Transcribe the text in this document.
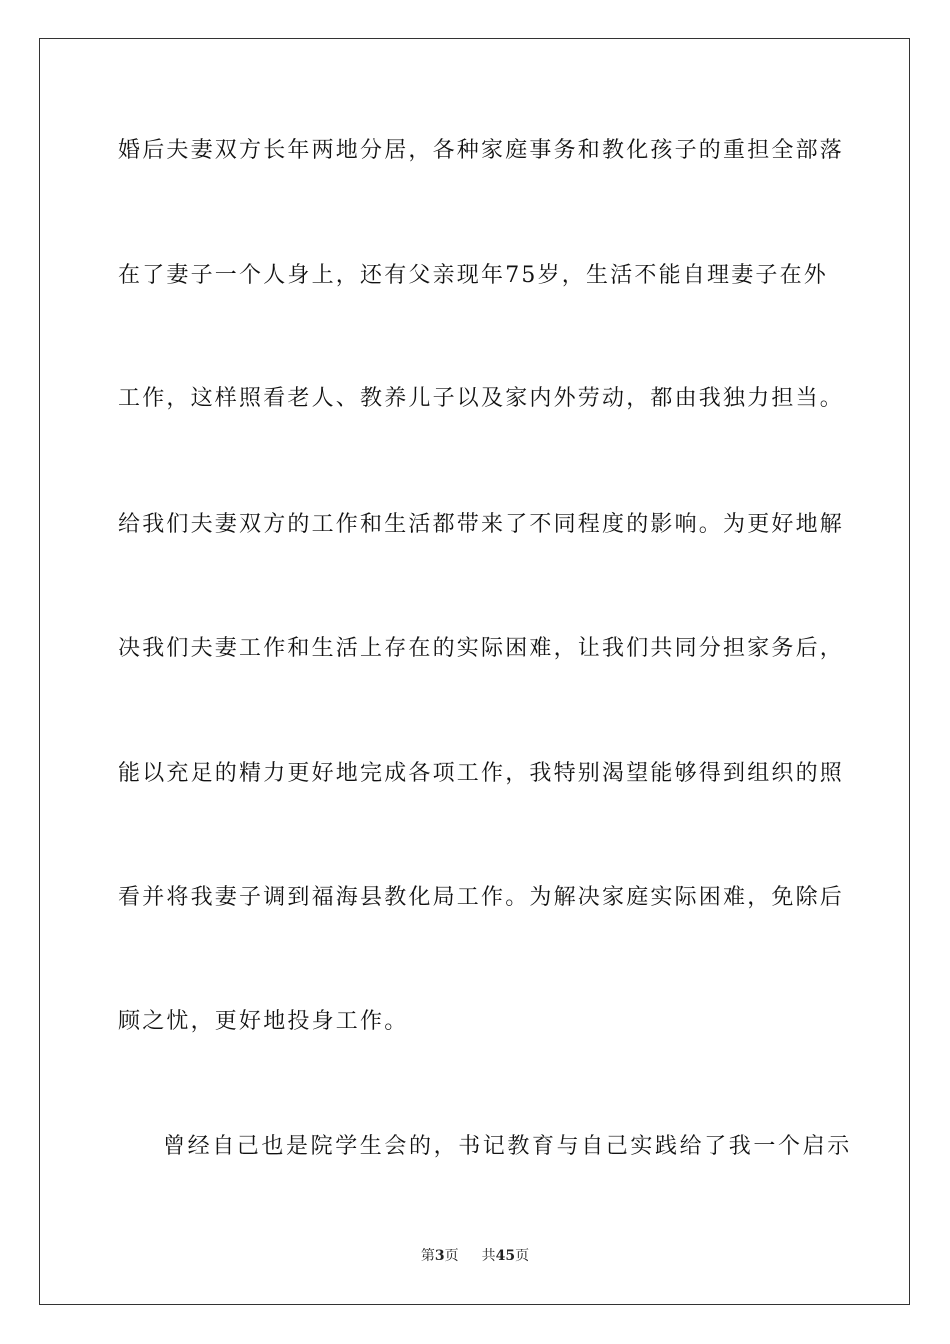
婚后夫妻双方长年两地分居，各种家庭事务和教化孩子的重担全部落
在了妻子一个人身上，还有父亲现年75岁，生活不能自理妻子在外
工作，这样照看老人、教养儿子以及家内外劳动，都由我独力担当。
给我们夫妻双方的工作和生活都带来了不同程度的影响。为更好地解
决我们夫妻工作和生活上存在的实际困难，让我们共同分担家务后，
能以充足的精力更好地完成各项工作，我特别渴望能够得到组织的照
看并将我妻子调到福海县教化局工作。为解决家庭实际困难，免除后
顾之忧，更好地投身工作。
曾经自己也是院学生会的，书记教育与自己实践给了我一个启示
第3页 共45页
